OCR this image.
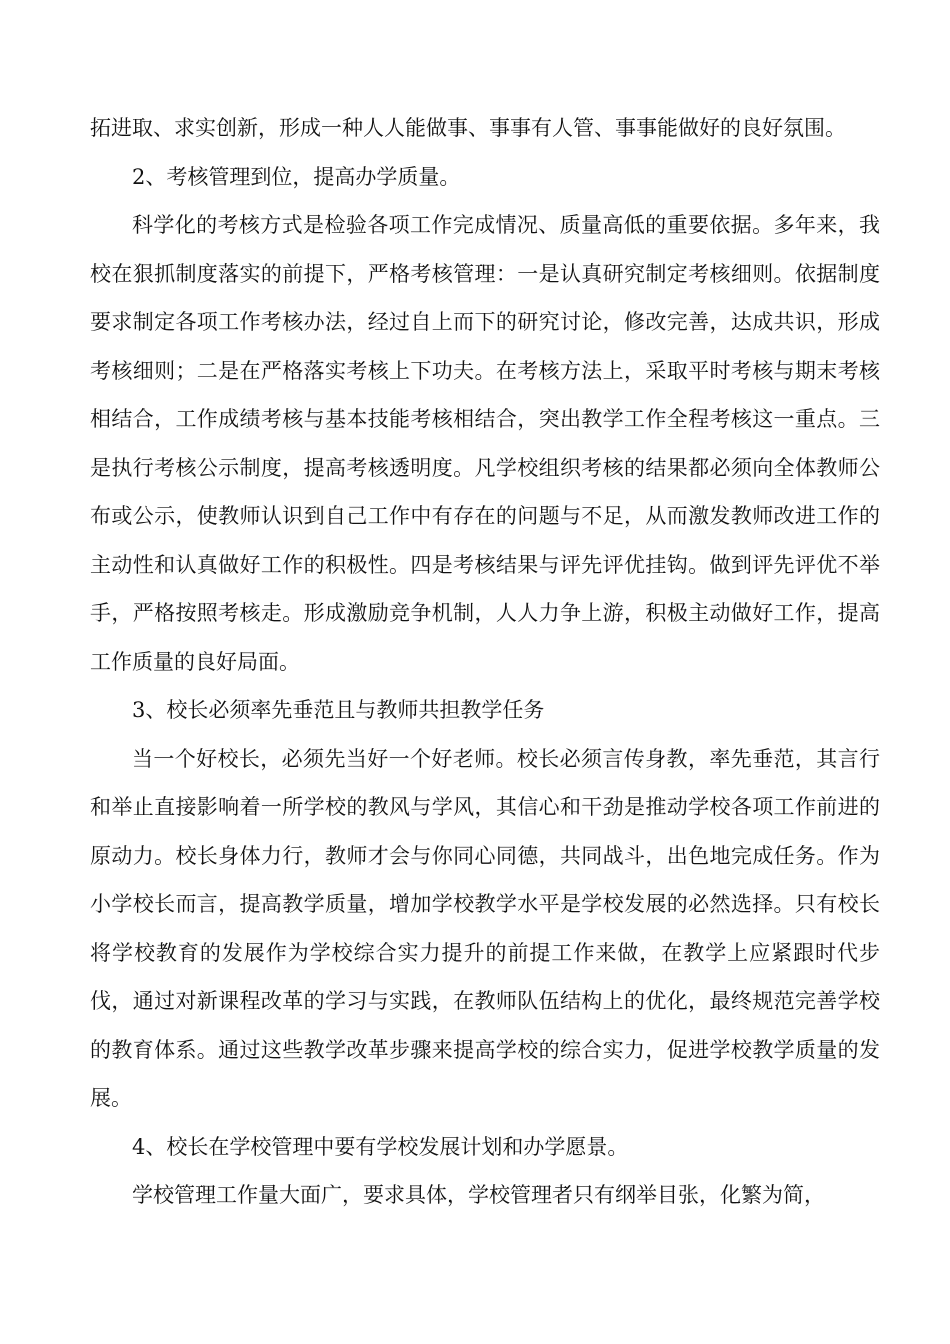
拓进取、求实创新，形成一种人人能做事、事事有人管、事事能做好的良好氛围。

2、考核管理到位，提高办学质量。

科学化的考核方式是检验各项工作完成情况、质量高低的重要依据。多年来，我校在狠抓制度落实的前提下，严格考核管理：一是认真研究制定考核细则。依据制度要求制定各项工作考核办法，经过自上而下的研究讨论，修改完善，达成共识，形成考核细则；二是在严格落实考核上下功夫。在考核方法上，采取平时考核与期末考核相结合，工作成绩考核与基本技能考核相结合，突出教学工作全程考核这一重点。三是执行考核公示制度，提高考核透明度。凡学校组织考核的结果都必须向全体教师公布或公示，使教师认识到自己工作中有存在的问题与不足，从而激发教师改进工作的主动性和认真做好工作的积极性。四是考核结果与评先评优挂钩。做到评先评优不举手，严格按照考核走。形成激励竞争机制，人人力争上游，积极主动做好工作，提高工作质量的良好局面。

3、校长必须率先垂范且与教师共担教学任务

当一个好校长，必须先当好一个好老师。校长必须言传身教，率先垂范，其言行和举止直接影响着一所学校的教风与学风，其信心和干劲是推动学校各项工作前进的原动力。校长身体力行，教师才会与你同心同德，共同战斗，出色地完成任务。作为小学校长而言，提高教学质量，增加学校教学水平是学校发展的必然选择。只有校长将学校教育的发展作为学校综合实力提升的前提工作来做，在教学上应紧跟时代步伐，通过对新课程改革的学习与实践，在教师队伍结构上的优化，最终规范完善学校的教育体系。通过这些教学改革步骤来提高学校的综合实力，促进学校教学质量的发展。

4、校长在学校管理中要有学校发展计划和办学愿景。

学校管理工作量大面广，要求具体，学校管理者只有纲举目张，化繁为简，
